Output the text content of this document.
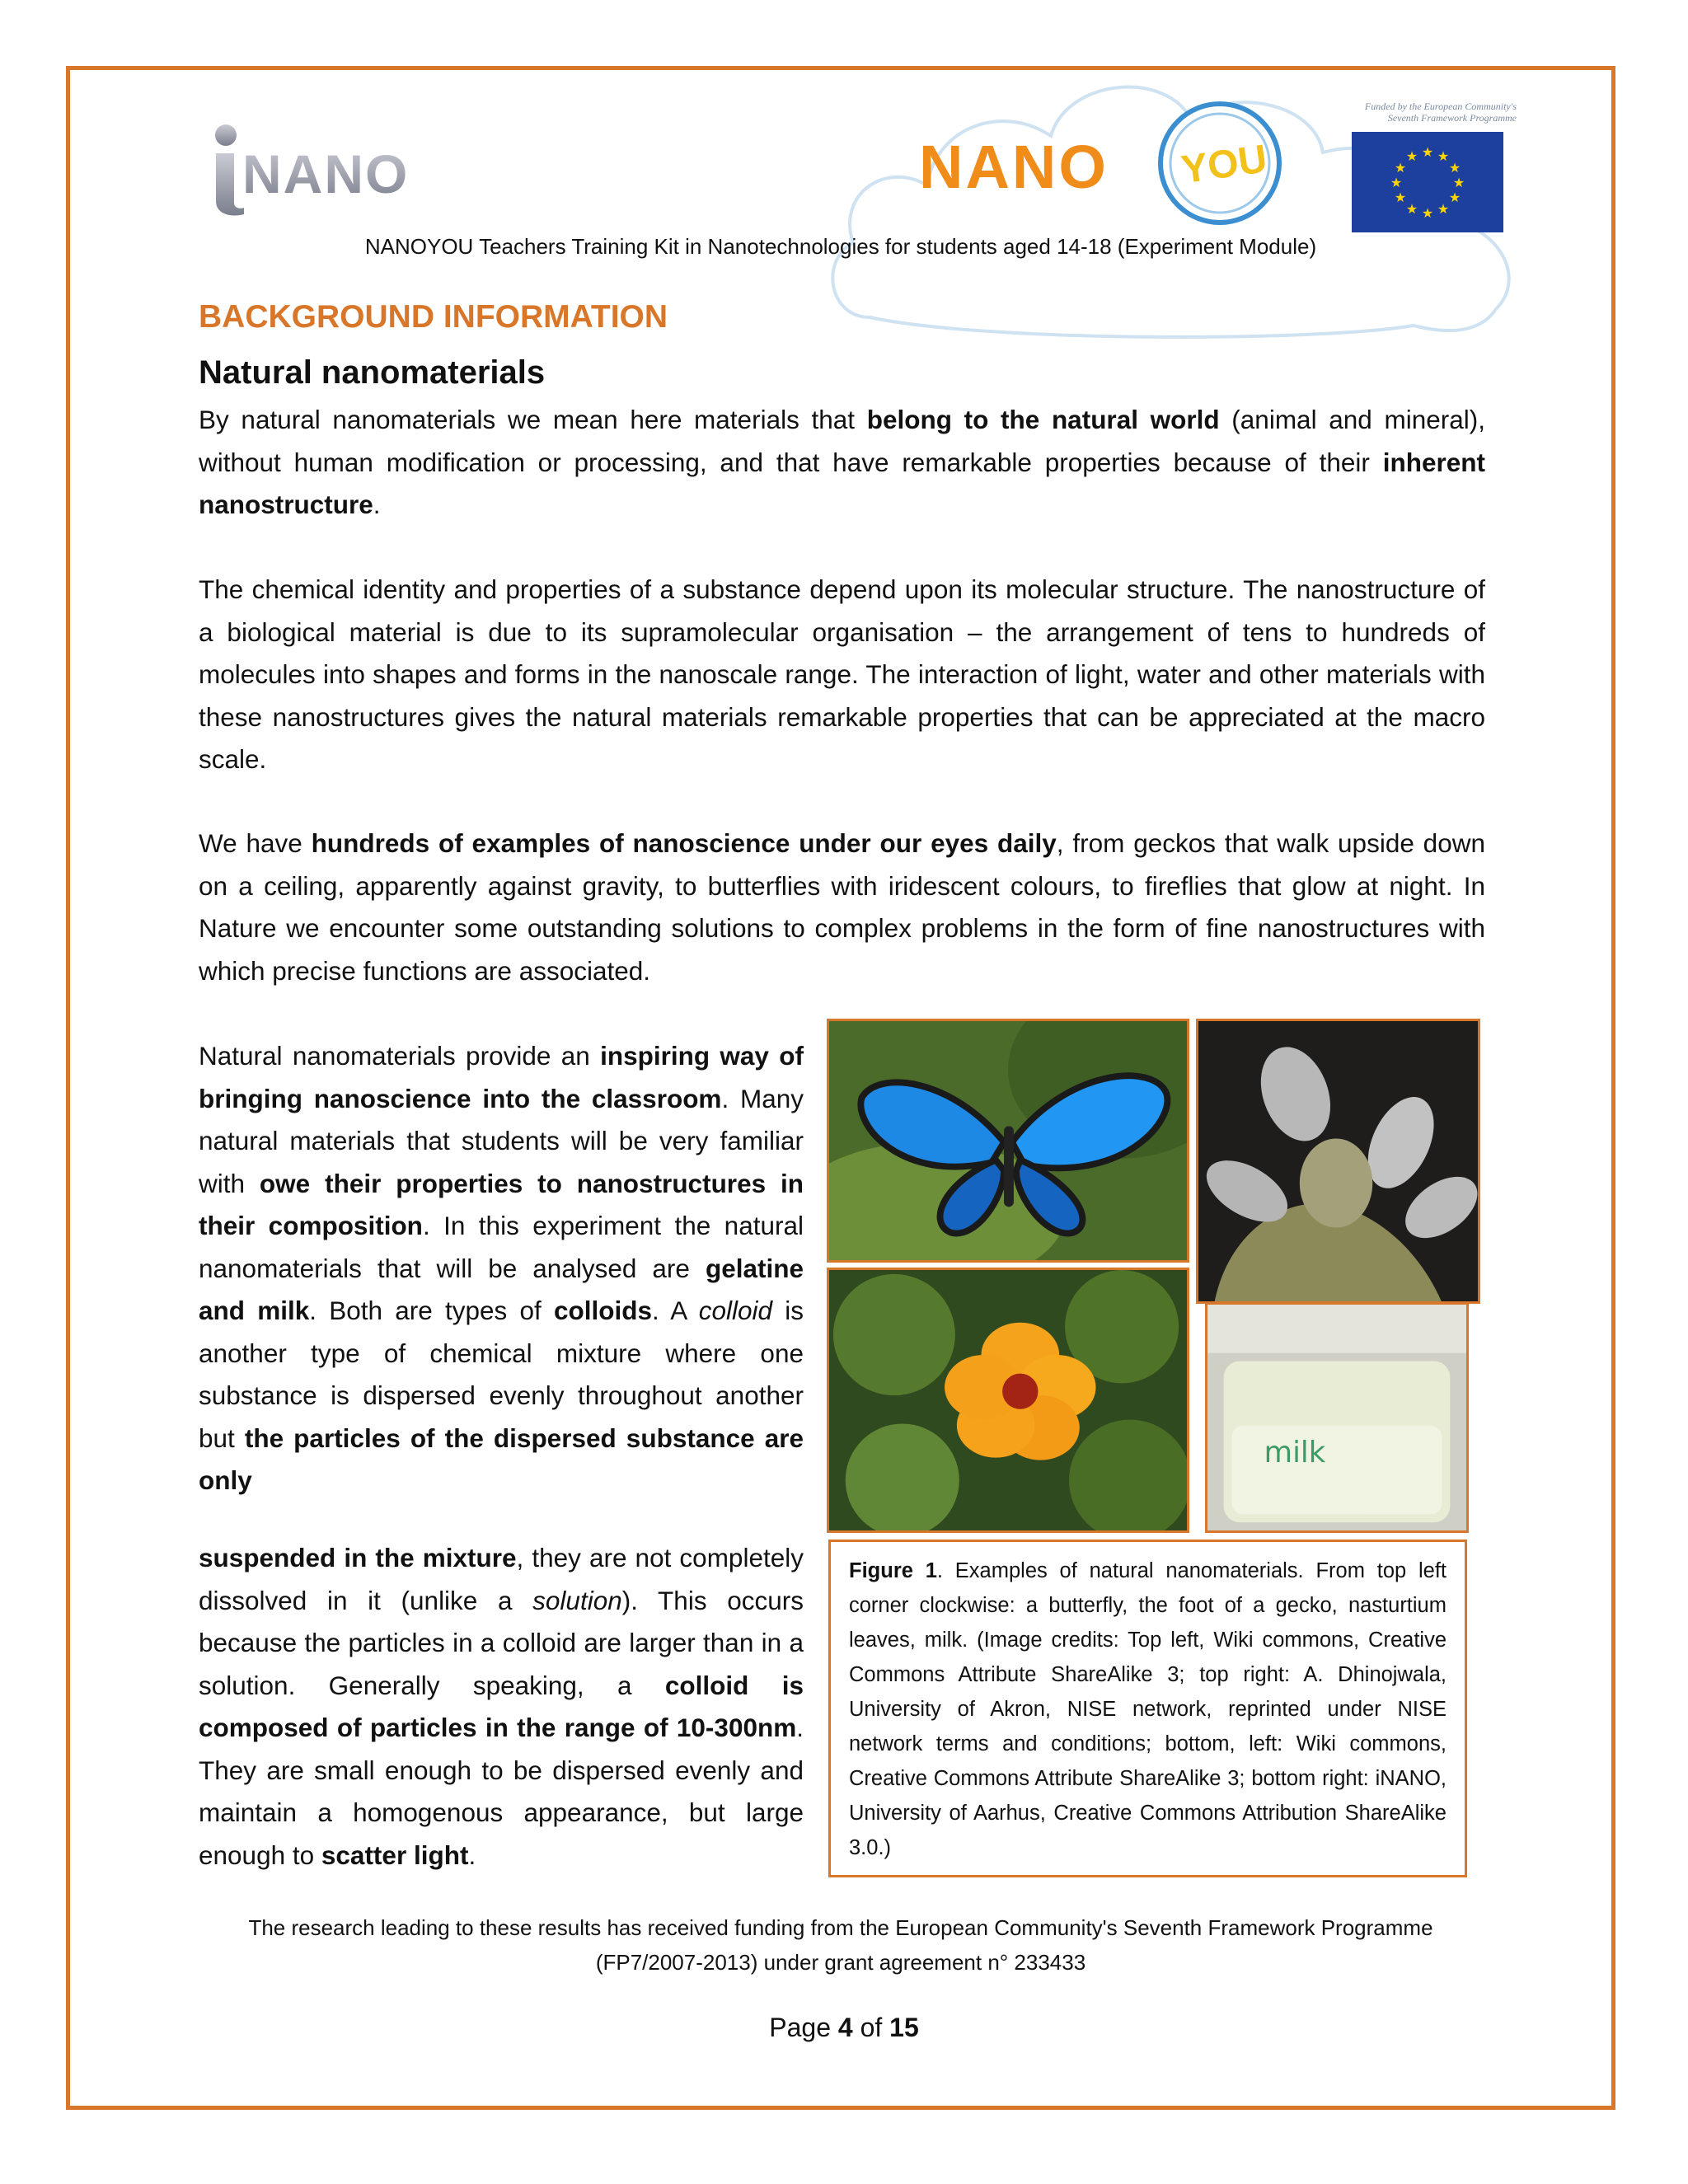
NANO	NANO YOU
Funded by the European Community's
Seventh Framework Programme
★ ★
★
★
★
★
★
★
★
★
★
★
NANOYOU Teachers Training Kit in Nanotechnologies for students aged 14-18 (Experiment Module)
BACKGROUND INFORMATION
Natural nanomaterials

By natural nanomaterials we mean here materials that belong to the natural world (animal and mineral), without human modification or processing, and that have remarkable properties because of their inherent nanostructure.

The chemical identity and properties of a substance depend upon its molecular structure. The nanostructure of a biological material is due to its supramolecular organisation – the arrangement of tens to hundreds of molecules into shapes and forms in the nanoscale range. The interaction of light, water and other materials with these nanostructures gives the natural materials remarkable properties that can be appreciated at the macro scale.

We have hundreds of examples of nanoscience under our eyes daily, from geckos that walk upside down on a ceiling, apparently against gravity, to butterflies with iridescent colours, to fireflies that glow at night. In Nature we encounter some outstanding solutions to complex problems in the form of fine nanostructures with which precise functions are associated.

Natural nanomaterials provide an inspiring way of bringing nanoscience into the classroom. Many natural materials that students will be very familiar with owe their properties to nanostructures in their composition. In this experiment the natural nanomaterials that will be analysed are gelatine and milk. Both are types of colloids. A colloid is another type of chemical mixture where one substance is dispersed evenly throughout another but the particles of the dispersed substance are only

suspended in the mixture, they are not completely dissolved in it (unlike a solution). This occurs because the particles in a colloid are larger than in a solution. Generally speaking, a colloid is composed of particles in the range of 10-300nm. They are small enough to be dispersed evenly and maintain a homogenous appearance, but large enough to scatter light.

milk
Figure 1. Examples of natural nanomaterials. From top left corner clockwise: a butterfly, the foot of a gecko, nasturtium leaves, milk. (Image credits: Top left, Wiki commons, Creative Commons Attribute ShareAlike 3; top right: A. Dhinojwala, University of Akron, NISE network, reprinted under NISE network terms and conditions; bottom, left: Wiki commons, Creative Commons Attribute ShareAlike 3; bottom right: iNANO, University of Aarhus, Creative Commons Attribution ShareAlike 3.0.)
The research leading to these results has received funding from the European Community's Seventh Framework Programme
(FP7/2007-2013) under grant agreement n° 233433
Page 4 of 15
